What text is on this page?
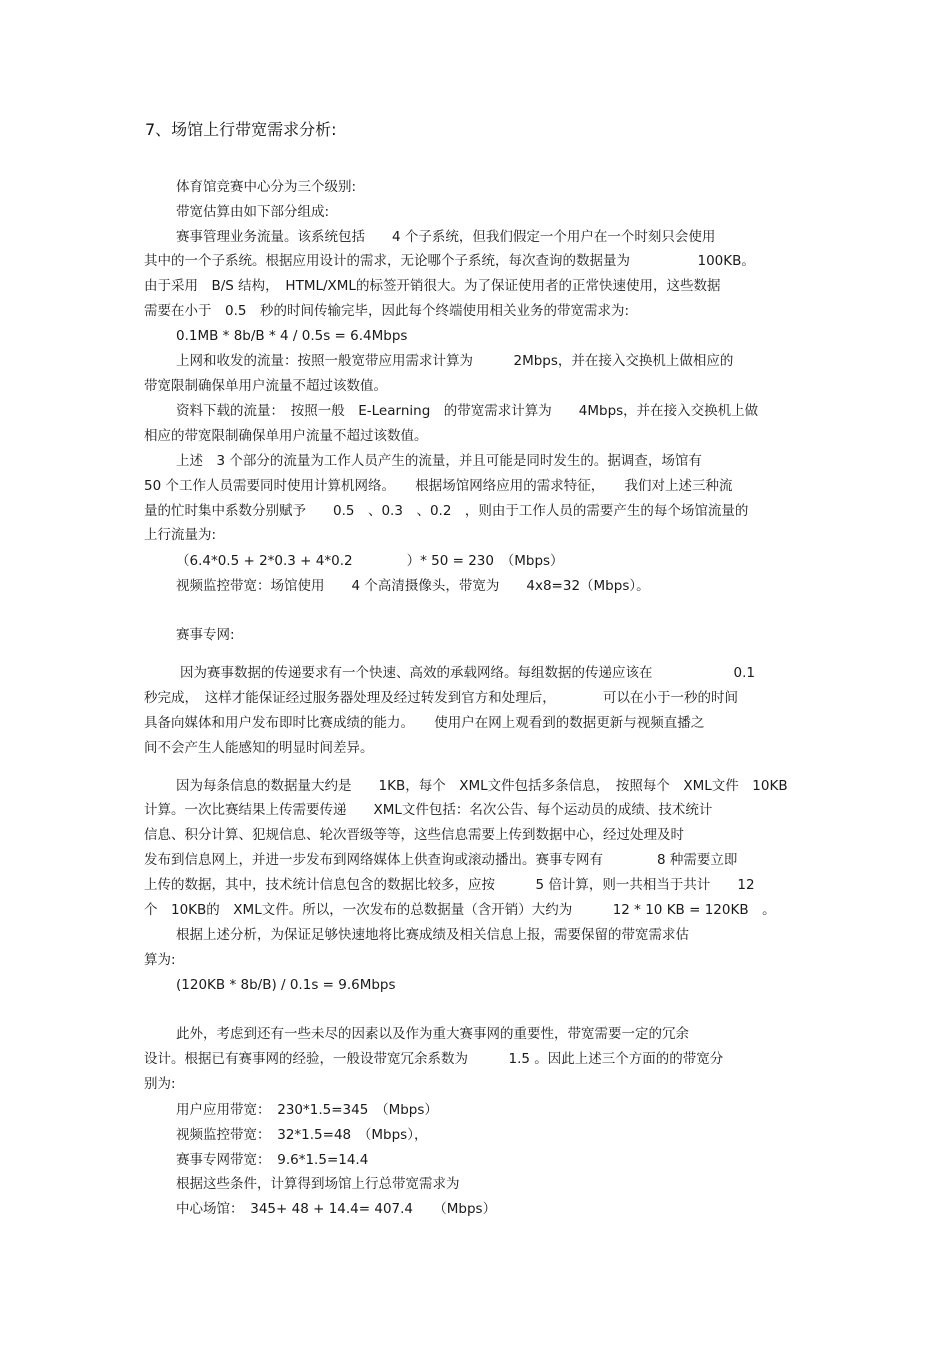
7、场馆上行带宽需求分析:
体育馆竞赛中心分为三个级别:
带宽估算由如下部分组成:
赛事管理业务流量。该系统包括　　4 个子系统，但我们假定一个用户在一个时刻只会使用
其中的一个子系统。根据应用设计的需求，无论哪个子系统，每次查询的数据量为　　　　　100KB。
由于采用　B/S 结构，　HTML/XML的标签开销很大。为了保证使用者的正常快速使用，这些数据
需要在小于　0.5　秒的时间传输完毕，因此每个终端使用相关业务的带宽需求为:
0.1MB * 8b/B * 4 / 0.5s = 6.4Mbps
上网和收发的流量：按照一般宽带应用需求计算为　　　2Mbps，并在接入交换机上做相应的
带宽限制确保单用户流量不超过该数值。
资料下载的流量：　按照一般　E-Learning　的带宽需求计算为　　4Mbps，并在接入交换机上做
相应的带宽限制确保单用户流量不超过该数值。
上述　3 个部分的流量为工作人员产生的流量，并且可能是同时发生的。据调查，场馆有
50 个工作人员需要同时使用计算机网络。　　根据场馆网络应用的需求特征，　　我们对上述三种流
量的忙时集中系数分别赋予　　0.5　、0.3　、0.2　，则由于工作人员的需要产生的每个场馆流量的
上行流量为:
（6.4*0.5 + 2*0.3 + 4*0.2　　　　）* 50 = 230　（Mbps）
视频监控带宽：场馆使用　　4 个高清摄像头，带宽为　　4x8=32（Mbps）。
赛事专网:
因为赛事数据的传递要求有一个快速、高效的承载网络。每组数据的传递应该在　　　　　　0.1
秒完成，　这样才能保证经过服务器处理及经过转发到官方和处理后，　　　　可以在小于一秒的时间
具备向媒体和用户发布即时比赛成绩的能力。　　使用户在网上观看到的数据更新与视频直播之
间不会产生人能感知的明显时间差异。
因为每条信息的数据量大约是　　1KB，每个　XML文件包括多条信息，　按照每个　XML文件　10KB
计算。一次比赛结果上传需要传递　　XML文件包括：名次公告、每个运动员的成绩、技术统计
信息、积分计算、犯规信息、轮次晋级等等，这些信息需要上传到数据中心，经过处理及时
发布到信息网上，并进一步发布到网络媒体上供查询或滚动播出。赛事专网有　　　　8 种需要立即
上传的数据，其中，技术统计信息包含的数据比较多，应按　　　5 倍计算，则一共相当于共计　　12
个　10KB的　XML文件。所以，一次发布的总数据量（含开销）大约为　　　12 * 10 KB = 120KB　。
根据上述分析，为保证足够快速地将比赛成绩及相关信息上报，需要保留的带宽需求估
算为:
(120KB * 8b/B) / 0.1s = 9.6Mbps
此外，考虑到还有一些未尽的因素以及作为重大赛事网的重要性，带宽需要一定的冗余
设计。根据已有赛事网的经验，一般设带宽冗余系数为　　　1.5 。因此上述三个方面的的带宽分
别为:
用户应用带宽：　230*1.5=345　（Mbps）
视频监控带宽：　32*1.5=48　（Mbps），
赛事专网带宽：　9.6*1.5=14.4
根据这些条件，计算得到场馆上行总带宽需求为
中心场馆：　345+ 48 + 14.4= 407.4　　（Mbps）
